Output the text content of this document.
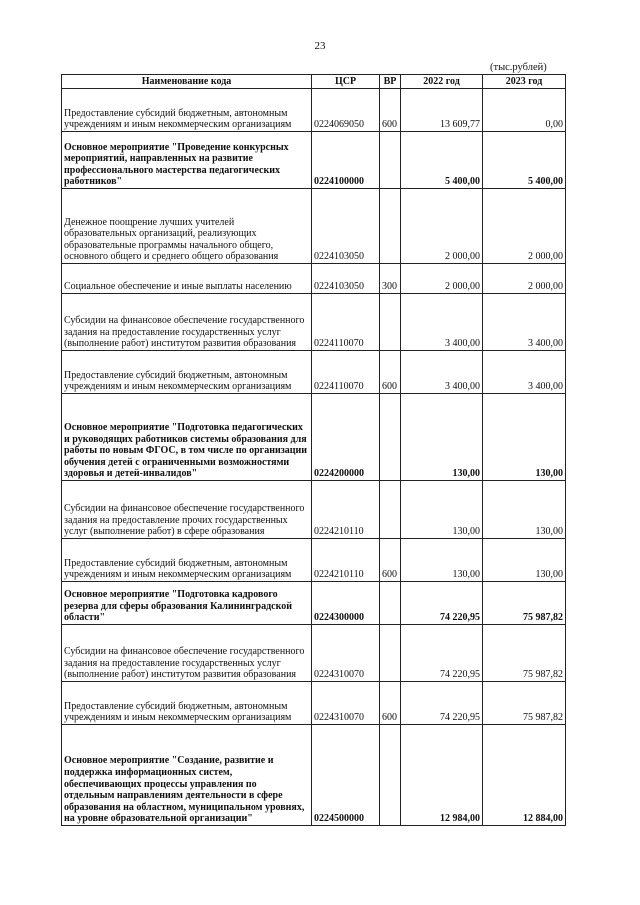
23
(тыс.рублей)
Наименование кода	ЦСР	ВР	2022 год	2023 год
Предоставление субсидий бюджетным, автономным учреждениям и иным некоммерческим организациям	0224069050	600	13 609,77	0,00
Основное мероприятие "Проведение конкурсных мероприятий, направленных на развитие профессионального мастерства педагогических работников"	0224100000		5 400,00	5 400,00
Денежное поощрение лучших учителей образовательных организаций, реализующих образовательные программы начального общего, основного общего и среднего общего образования	0224103050		2 000,00	2 000,00
Социальное обеспечение и иные выплаты населению	0224103050	300	2 000,00	2 000,00
Субсидии на финансовое обеспечение государственного задания на предоставление государственных услуг (выполнение работ) институтом развития образования	0224110070		3 400,00	3 400,00
Предоставление субсидий бюджетным, автономным учреждениям и иным некоммерческим организациям	0224110070	600	3 400,00	3 400,00
Основное мероприятие "Подготовка педагогических и руководящих работников системы образования для работы по новым ФГОС, в том числе по организации обучения детей с ограниченными возможностями здоровья и детей-инвалидов"	0224200000		130,00	130,00
Субсидии на финансовое обеспечение государственного задания на предоставление прочих государственных услуг (выполнение работ) в сфере образования	0224210110		130,00	130,00
Предоставление субсидий бюджетным, автономным учреждениям и иным некоммерческим организациям	0224210110	600	130,00	130,00
Основное мероприятие "Подготовка кадрового резерва для сферы образования Калининградской области"	0224300000		74 220,95	75 987,82
Субсидии на финансовое обеспечение государственного задания на предоставление государственных услуг (выполнение работ) институтом развития образования	0224310070		74 220,95	75 987,82
Предоставление субсидий бюджетным, автономным учреждениям и иным некоммерческим организациям	0224310070	600	74 220,95	75 987,82
Основное мероприятие "Создание, развитие и поддержка информационных систем, обеспечивающих процессы управления по отдельным направлениям деятельности в сфере образования на областном, муниципальном уровнях, на уровне образовательной организации"	0224500000		12 984,00	12 884,00
